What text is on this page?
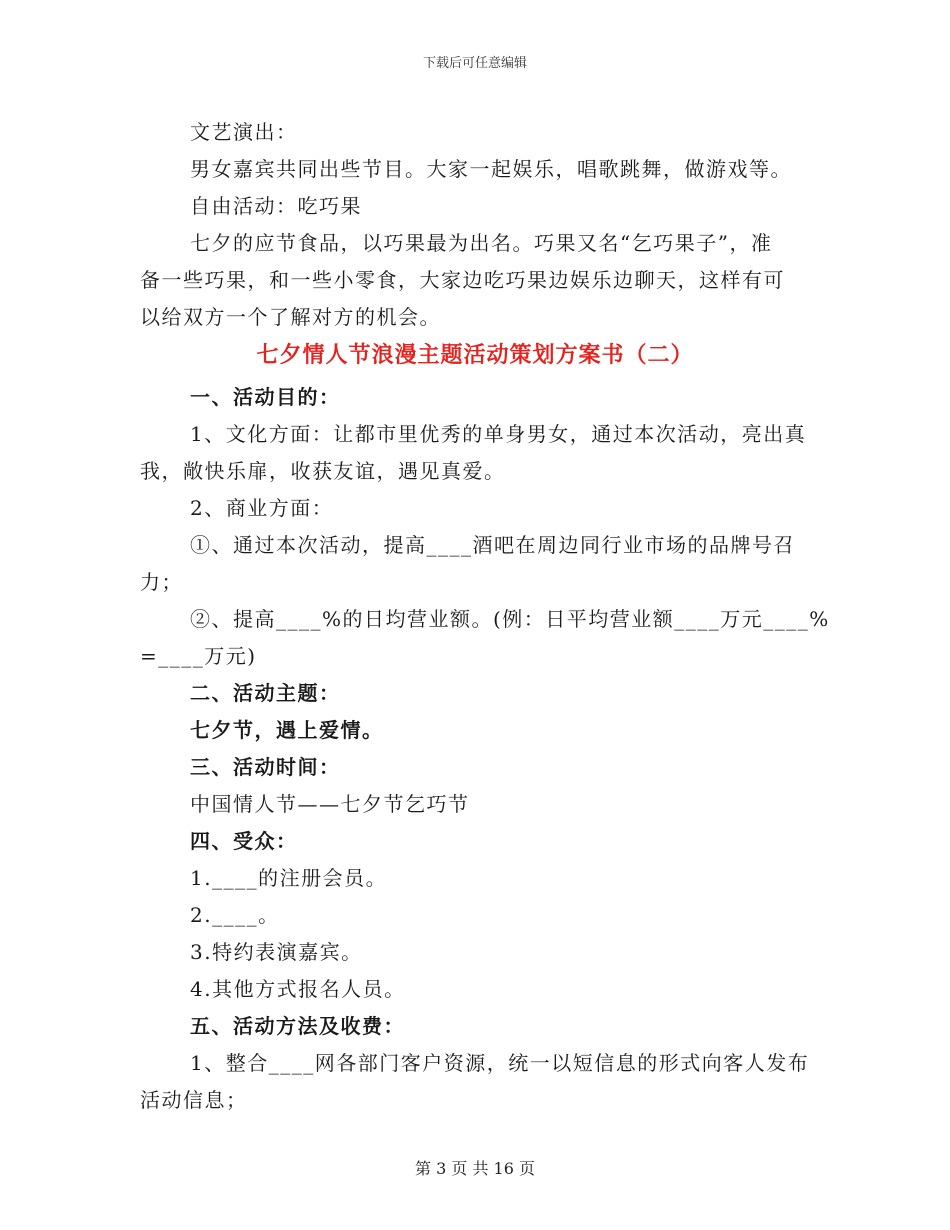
下载后可任意编辑
文艺演出：
男女嘉宾共同出些节目。大家一起娱乐，唱歌跳舞，做游戏等。
自由活动：吃巧果
七夕的应节食品，以巧果最为出名。巧果又名“乞巧果子”，准
备一些巧果，和一些小零食，大家边吃巧果边娱乐边聊天，这样有可
以给双方一个了解对方的机会。
七夕情人节浪漫主题活动策划方案书（二）
一、活动目的：
1、文化方面：让都市里优秀的单身男女，通过本次活动，亮出真
我，敞快乐扉，收获友谊，遇见真爱。
2、商业方面：
①、通过本次活动，提高____酒吧在周边同行业市场的品牌号召
力；
②、提高____%的日均营业额。(例：日平均营业额____万元____%
=____万元)
二、活动主题：
七夕节，遇上爱情。
三、活动时间：
中国情人节——七夕节乞巧节
四、受众：
1.____的注册会员。
2.____。
3.特约表演嘉宾。
4.其他方式报名人员。
五、活动方法及收费：
1、整合____网各部门客户资源，统一以短信息的形式向客人发布
活动信息；
第 3 页 共 16 页
